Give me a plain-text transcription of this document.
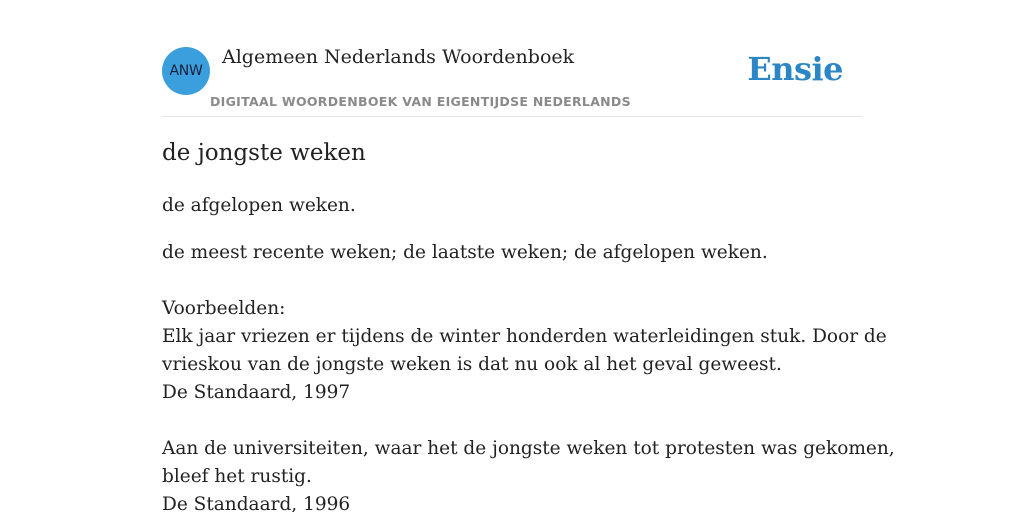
ANW
Algemeen Nederlands Woordenboek
DIGITAAL WOORDENBOEK VAN EIGENTIJDSE NEDERLANDS
Ensie
de jongste weken

de afgelopen weken.

de meest recente weken; de laatste weken; de afgelopen weken.

Voorbeelden:
Elk jaar vriezen er tijdens de winter honderden waterleidingen stuk. Door de
vrieskou van de jongste weken is dat nu ook al het geval geweest.
De Standaard, 1997
Aan de universiteiten, waar het de jongste weken tot protesten was gekomen,
bleef het rustig.
De Standaard, 1996
